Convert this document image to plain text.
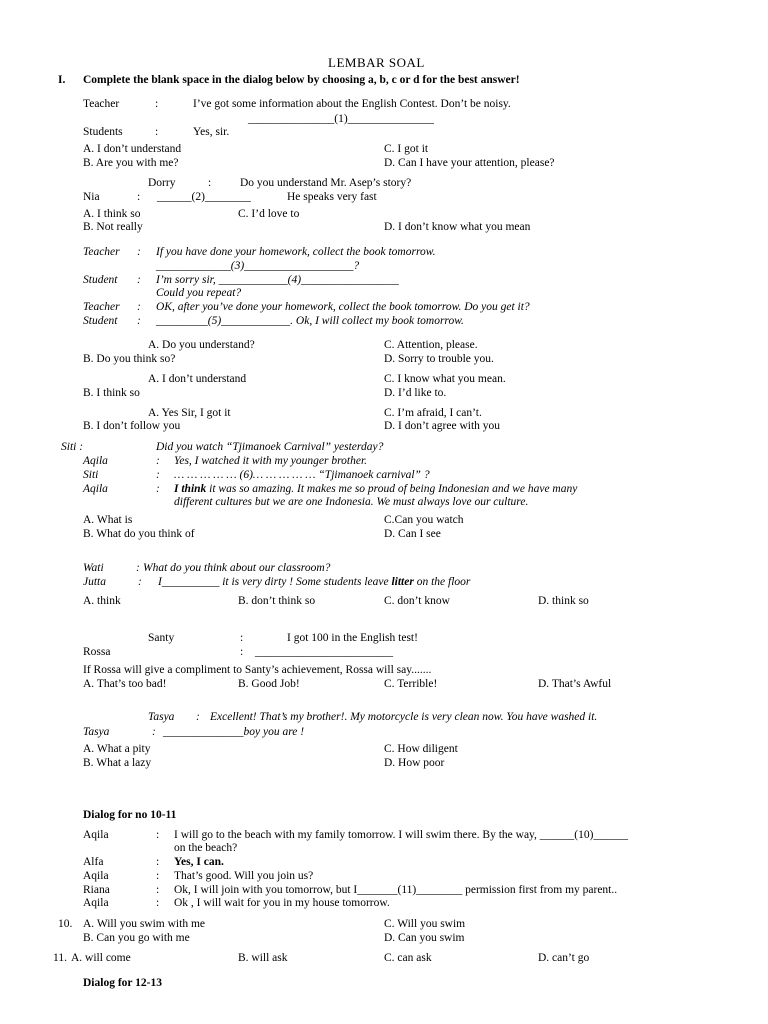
LEMBAR SOAL
I. Complete the blank space in the dialog below by choosing a, b, c or d for the best answer!
Teacher	:	I’ve got some information about the English Contest. Don’t be noisy.
_______________(1)_______________
Students	:	Yes, sir.
A. I don’t understand
B. Are you with me?
C. I got it
D. Can I have your attention, please?
Dorry	:	Do you understand Mr. Asep’s story?
Nia	: ______(2)________	He speaks very fast
A. I think so
B. Not really
C. I’d love to
D. I don’t know what you mean
Teacher : If you have done your homework, collect the book tomorrow.
_____________(3)___________________?
Student : I’m sorry sir, ____________(4)_________________
Could you repeat?
Teacher : OK, after you’ve done your homework, collect the book tomorrow. Do you get it?
Student : _________(5)____________. Ok, I will collect my book tomorrow.
A. Do you understand?
B. Do you think so?
C. Attention, please.
D. Sorry to trouble you.
A. I don’t understand
B. I think so
C. I know what you mean.
D. I’d like to.
A. Yes Sir, I got it
B. I don’t follow you
C. I’m afraid, I can’t.
D. I don’t agree with you
Siti :	Did you watch “Tjimanoek Carnival” yesterday?
Aqila	: Yes, I watched it with my younger brother.
Siti	: … … … … … (6)… … … … … “Tjimanoek carnival” ?
Aqila	: I think it was so amazing. It makes me so proud of being Indonesian and we have many
different cultures but we are one Indonesia. We must always love our culture.
A. What is
B. What do you think of
C.Can you watch
D. Can I see
Wati	: What do you think about our classroom?
Jutta	: I__________ it is very dirty ! Some students leave litter on the floor
A. think	B. don’t think so	C. don’t know	D. think so
Santy	:	I got 100 in the English test!
Rossa	: ________________________
If Rossa will give a compliment to Santy’s achievement, Rossa will say.......
A. That’s too bad!	B. Good Job!	C. Terrible!	D. That’s Awful
Tasya : Excellent! That’s my brother!. My motorcycle is very clean now. You have washed it.
Tasya	: ______________boy you are !
A. What a pity
B. What a lazy
C. How diligent
D. How poor
Dialog for no 10-11
Aqila	: I will go to the beach with my family tomorrow. I will swim there. By the way, ______(10)______
on the beach?
Alfa	: Yes, I can.
Aqila	: That’s good. Will you join us?
Riana	: Ok, I will join with you tomorrow, but I_______(11)________ permission first from my parent..
Aqila	: Ok , I will wait for you in my house tomorrow.
10. A. Will you swim with me
B. Can you go with me
C. Will you swim
D. Can you swim
11. A. will come	B. will ask	C. can ask	D. can’t go
Dialog for 12-13
